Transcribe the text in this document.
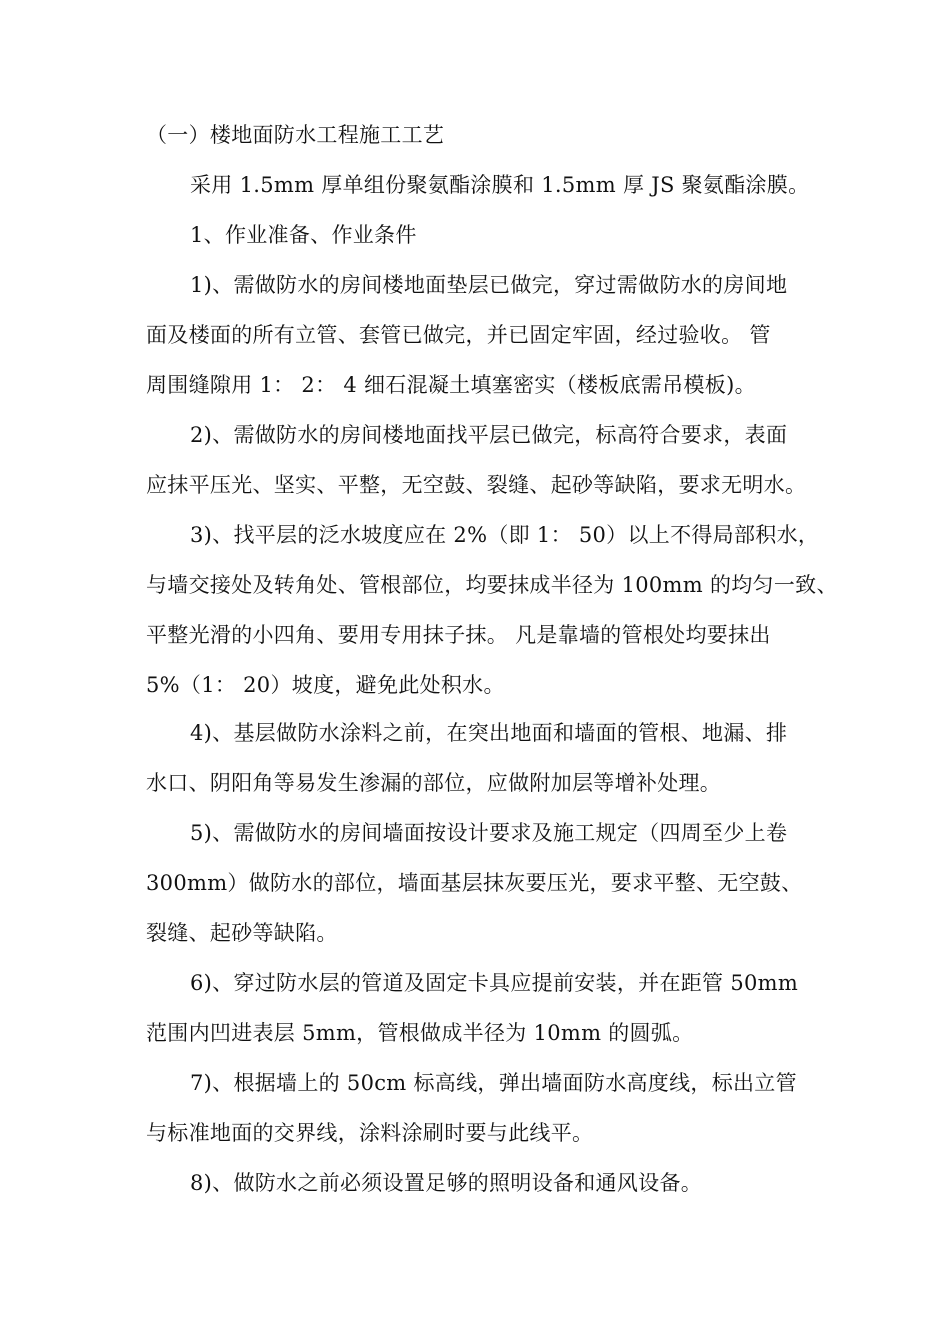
（一）楼地面防水工程施工工艺
采用 1.5mm 厚单组份聚氨酯涂膜和 1.5mm 厚 JS 聚氨酯涂膜。
1、作业准备、作业条件
1)、需做防水的房间楼地面垫层已做完，穿过需做防水的房间地
面及楼面的所有立管、套管已做完，并已固定牢固，经过验收。 管
周围缝隙用 1： 2： 4 细石混凝土填塞密实（楼板底需吊模板)。
2)、需做防水的房间楼地面找平层已做完，标高符合要求，表面
应抹平压光、坚实、平整，无空鼓、裂缝、起砂等缺陷，要求无明水。
3)、找平层的泛水坡度应在 2%（即 1： 50）以上不得局部积水，
与墙交接处及转角处、管根部位，均要抹成半径为 100mm 的均匀一致、
平整光滑的小四角、要用专用抹子抹。 凡是靠墙的管根处均要抹出
5%（1： 20）坡度，避免此处积水。
4)、基层做防水涂料之前，在突出地面和墙面的管根、地漏、排
水口、阴阳角等易发生渗漏的部位，应做附加层等增补处理。
5)、需做防水的房间墙面按设计要求及施工规定（四周至少上卷
300mm）做防水的部位，墙面基层抹灰要压光，要求平整、无空鼓、
裂缝、起砂等缺陷。
6)、穿过防水层的管道及固定卡具应提前安装，并在距管 50mm
范围内凹进表层 5mm，管根做成半径为 10mm 的圆弧。
7)、根据墙上的 50cm 标高线，弹出墙面防水高度线，标出立管
与标准地面的交界线，涂料涂刷时要与此线平。
8)、做防水之前必须设置足够的照明设备和通风设备。
